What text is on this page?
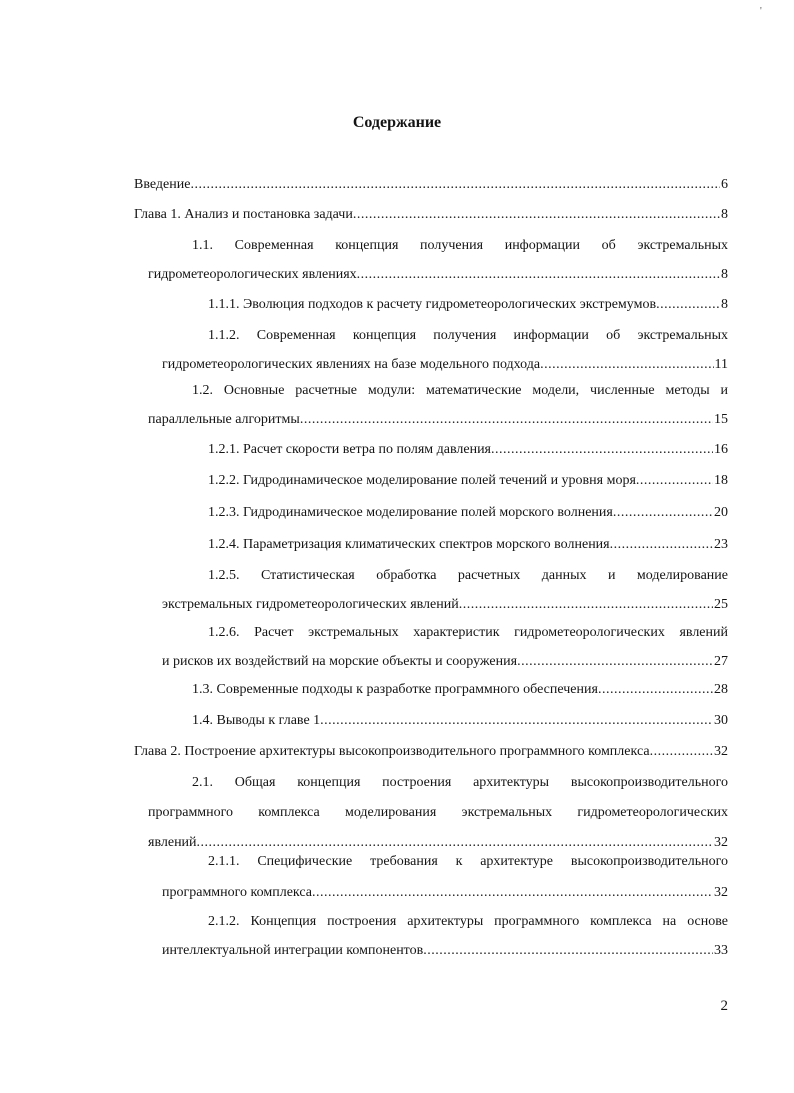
'
Содержание
Введение .....	6
Глава 1. Анализ и постановка задачи .....	8
1.1. Современная концепция получения информации об экстремальных
гидрометеорологических явлениях .....	8
1.1.1. Эволюция подходов к расчету гидрометеорологических экстремумов .....	8
1.1.2. Современная концепция получения информации об экстремальных
гидрометеорологических явлениях на базе модельного подхода .....	11
1.2. Основные расчетные модули: математические модели, численные методы и
параллельные алгоритмы .....	15
1.2.1. Расчет скорости ветра по полям давления .....	16
1.2.2. Гидродинамическое моделирование полей течений и уровня моря .....	18
1.2.3. Гидродинамическое моделирование полей морского волнения .....	20
1.2.4. Параметризация климатических спектров морского волнения .....	23
1.2.5. Статистическая обработка расчетных данных и моделирование
экстремальных гидрометеорологических явлений .....	25
1.2.6. Расчет экстремальных характеристик гидрометеорологических явлений
и рисков их воздействий на морские объекты и сооружения .....	27
1.3. Современные подходы к разработке программного обеспечения .....	28
1.4. Выводы к главе 1 .....	30
Глава 2. Построение архитектуры высокопроизводительного программного комплекса .....	32
2.1. Общая концепция построения архитектуры высокопроизводительного
программного комплекса моделирования экстремальных гидрометеорологических
явлений .....	32
2.1.1. Специфические требования к архитектуре высокопроизводительного
программного комплекса .....	32
2.1.2. Концепция построения архитектуры программного комплекса на основе
интеллектуальной интеграции компонентов .....	33
2
